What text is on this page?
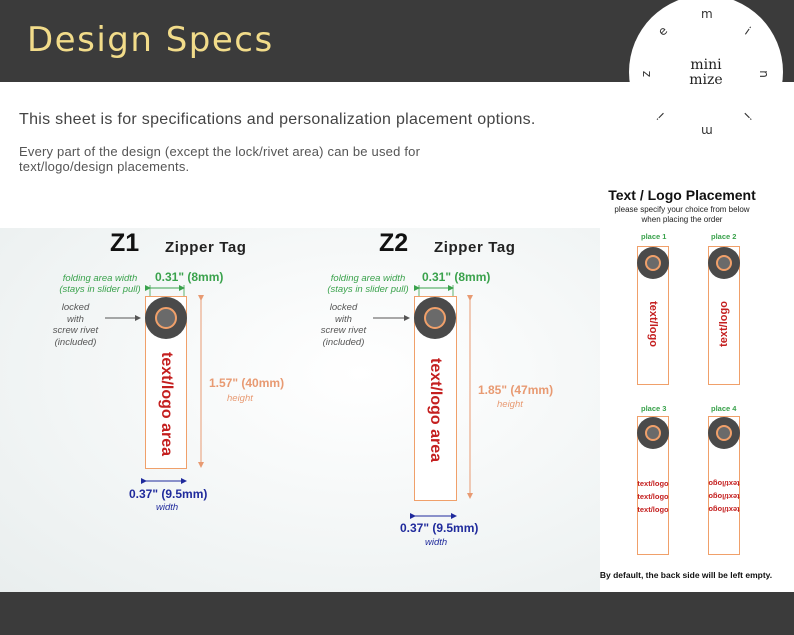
Design Specs
mini
mize
m
i
n
i
m
i
z
e
This sheet is for specifications and personalization placement options.
Every part of the design (except the lock/rivet area) can be used for text/logo/design placements.
Z1 Zipper Tag
folding area width
(stays in slider pull)
0.31" (8mm)
locked
with
screw rivet
(included)
text/logo area	1.57" (40mm)
height
0.37" (9.5mm)
width
Z2 Zipper Tag
folding area width
(stays in slider pull)
0.31" (8mm)
locked
with
screw rivet
(included)
text/logo area	1.85" (47mm)
height
0.37" (9.5mm)
width
Text / Logo Placement
please specify your choice from below
when placing the order
place 1
text/logo
place 2
text/logo
place 3
text/logo
text/logo
text/logo
place 4
text/logo
text/logo
text/logo
By default, the back side will be left empty.
